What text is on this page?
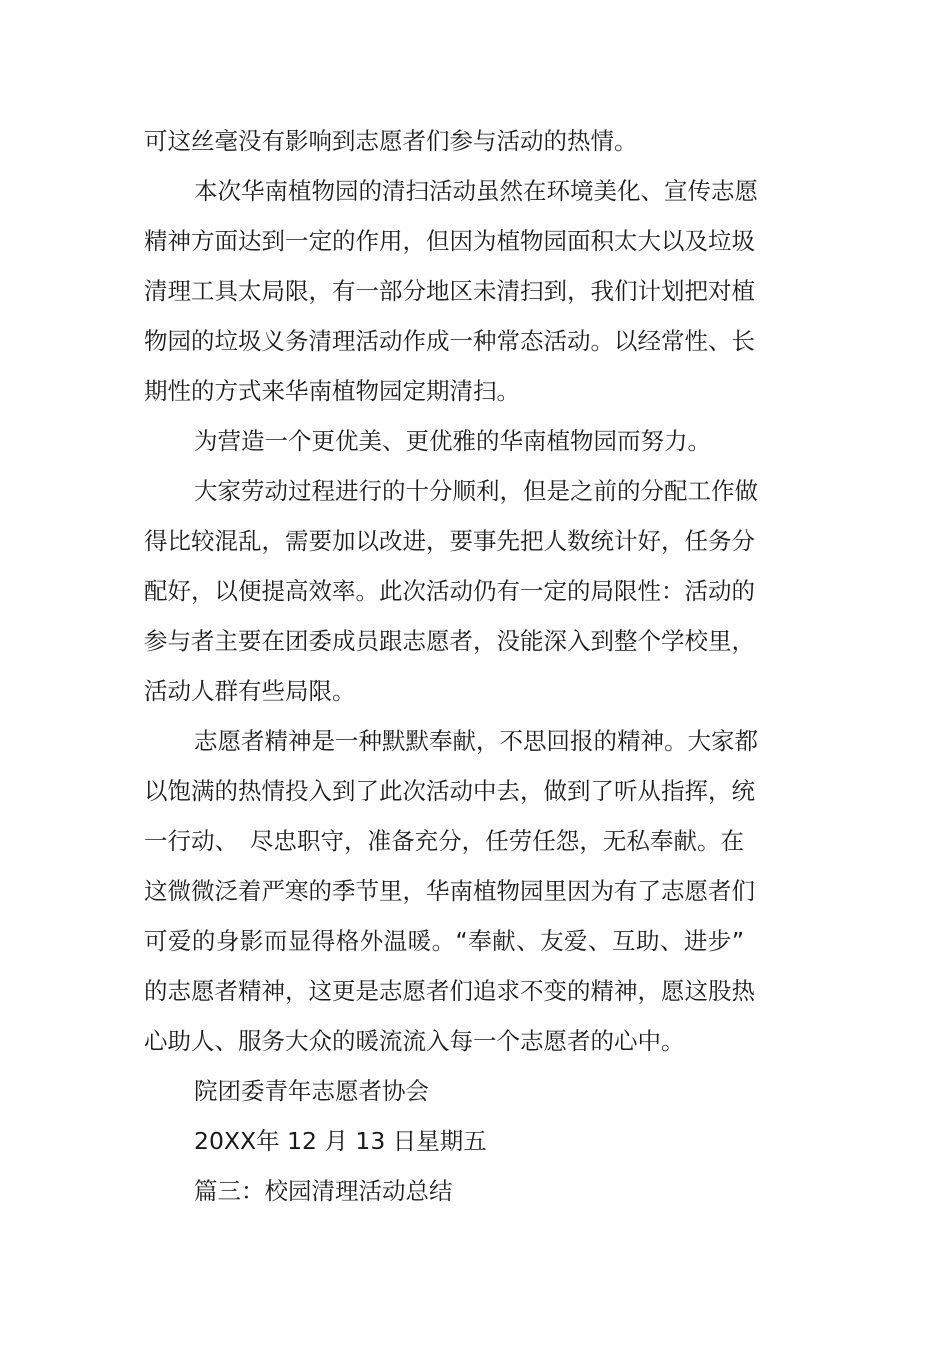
可这丝毫没有影响到志愿者们参与活动的热情。
本次华南植物园的清扫活动虽然在环境美化、宣传志愿
精神方面达到一定的作用，但因为植物园面积太大以及垃圾
清理工具太局限，有一部分地区未清扫到，我们计划把对植
物园的垃圾义务清理活动作成一种常态活动。以经常性、长
期性的方式来华南植物园定期清扫。
为营造一个更优美、更优雅的华南植物园而努力。
大家劳动过程进行的十分顺利，但是之前的分配工作做
得比较混乱，需要加以改进，要事先把人数统计好，任务分
配好，以便提高效率。此次活动仍有一定的局限性：活动的
参与者主要在团委成员跟志愿者，没能深入到整个学校里，
活动人群有些局限。
志愿者精神是一种默默奉献，不思回报的精神。大家都
以饱满的热情投入到了此次活动中去，做到了听从指挥，统
一行动、　尽忠职守，准备充分，任劳任怨，无私奉献。在
这微微泛着严寒的季节里，华南植物园里因为有了志愿者们
可爱的身影而显得格外温暖。“奉献、友爱、互助、进步”
的志愿者精神，这更是志愿者们追求不变的精神，愿这股热
心助人、服务大众的暖流流入每一个志愿者的心中。
院团委青年志愿者协会
20XX年 12 月 13 日星期五
篇三：校园清理活动总结
